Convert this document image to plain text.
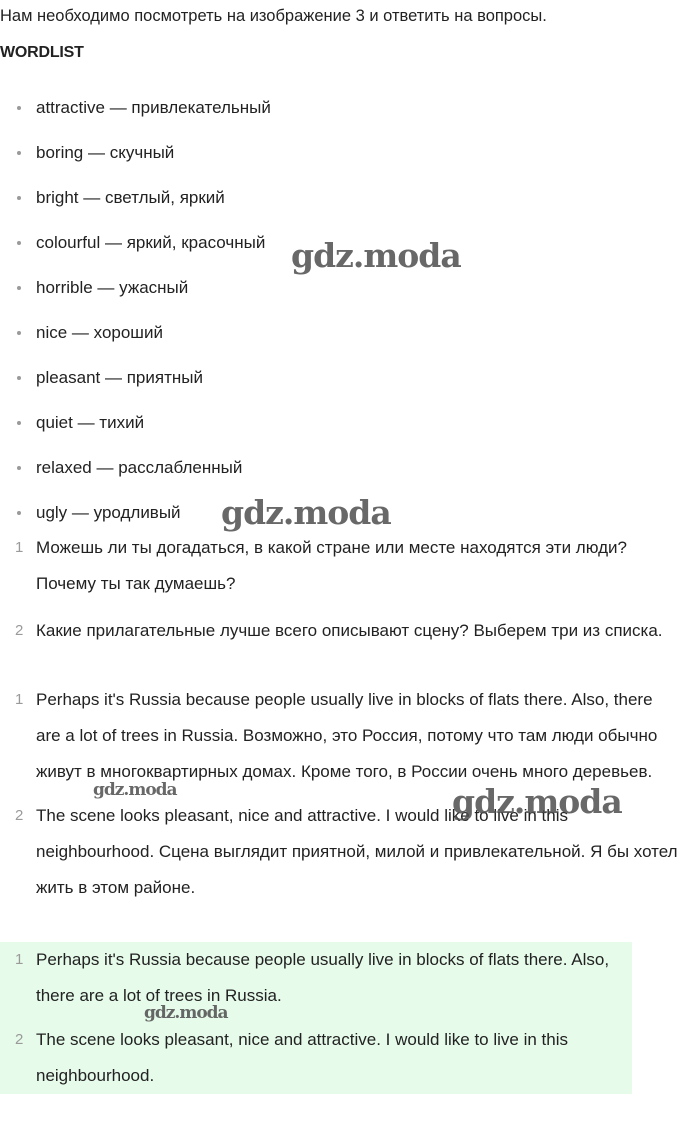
Нам необходимо посмотреть на изображение 3 и ответить на вопросы.
WORDLIST
attractive — привлекательный
boring — скучный
bright — светлый, яркий
colourful — яркий, красочный
horrible — ужасный
nice — хороший
pleasant — приятный
quiet — тихий
relaxed — расслабленный
ugly — уродливый
1 Можешь ли ты догадаться, в какой стране или месте находятся эти люди? Почему ты так думаешь?
2 Какие прилагательные лучше всего описывают сцену? Выберем три из списка.
1 Perhaps it's Russia because people usually live in blocks of flats there. Also, there are a lot of trees in Russia. Возможно, это Россия, потому что там люди обычно живут в многоквартирных домах. Кроме того, в России очень много деревьев.
2 The scene looks pleasant, nice and attractive. I would like to live in this neighbourhood. Сцена выглядит приятной, милой и привлекательной. Я бы хотел жить в этом районе.
1 Perhaps it's Russia because people usually live in blocks of flats there. Also, there are a lot of trees in Russia.
2 The scene looks pleasant, nice and attractive. I would like to live in this neighbourhood.
gdz.moda
gdz.moda
gdz.moda	gdz.moda
gdz.moda
